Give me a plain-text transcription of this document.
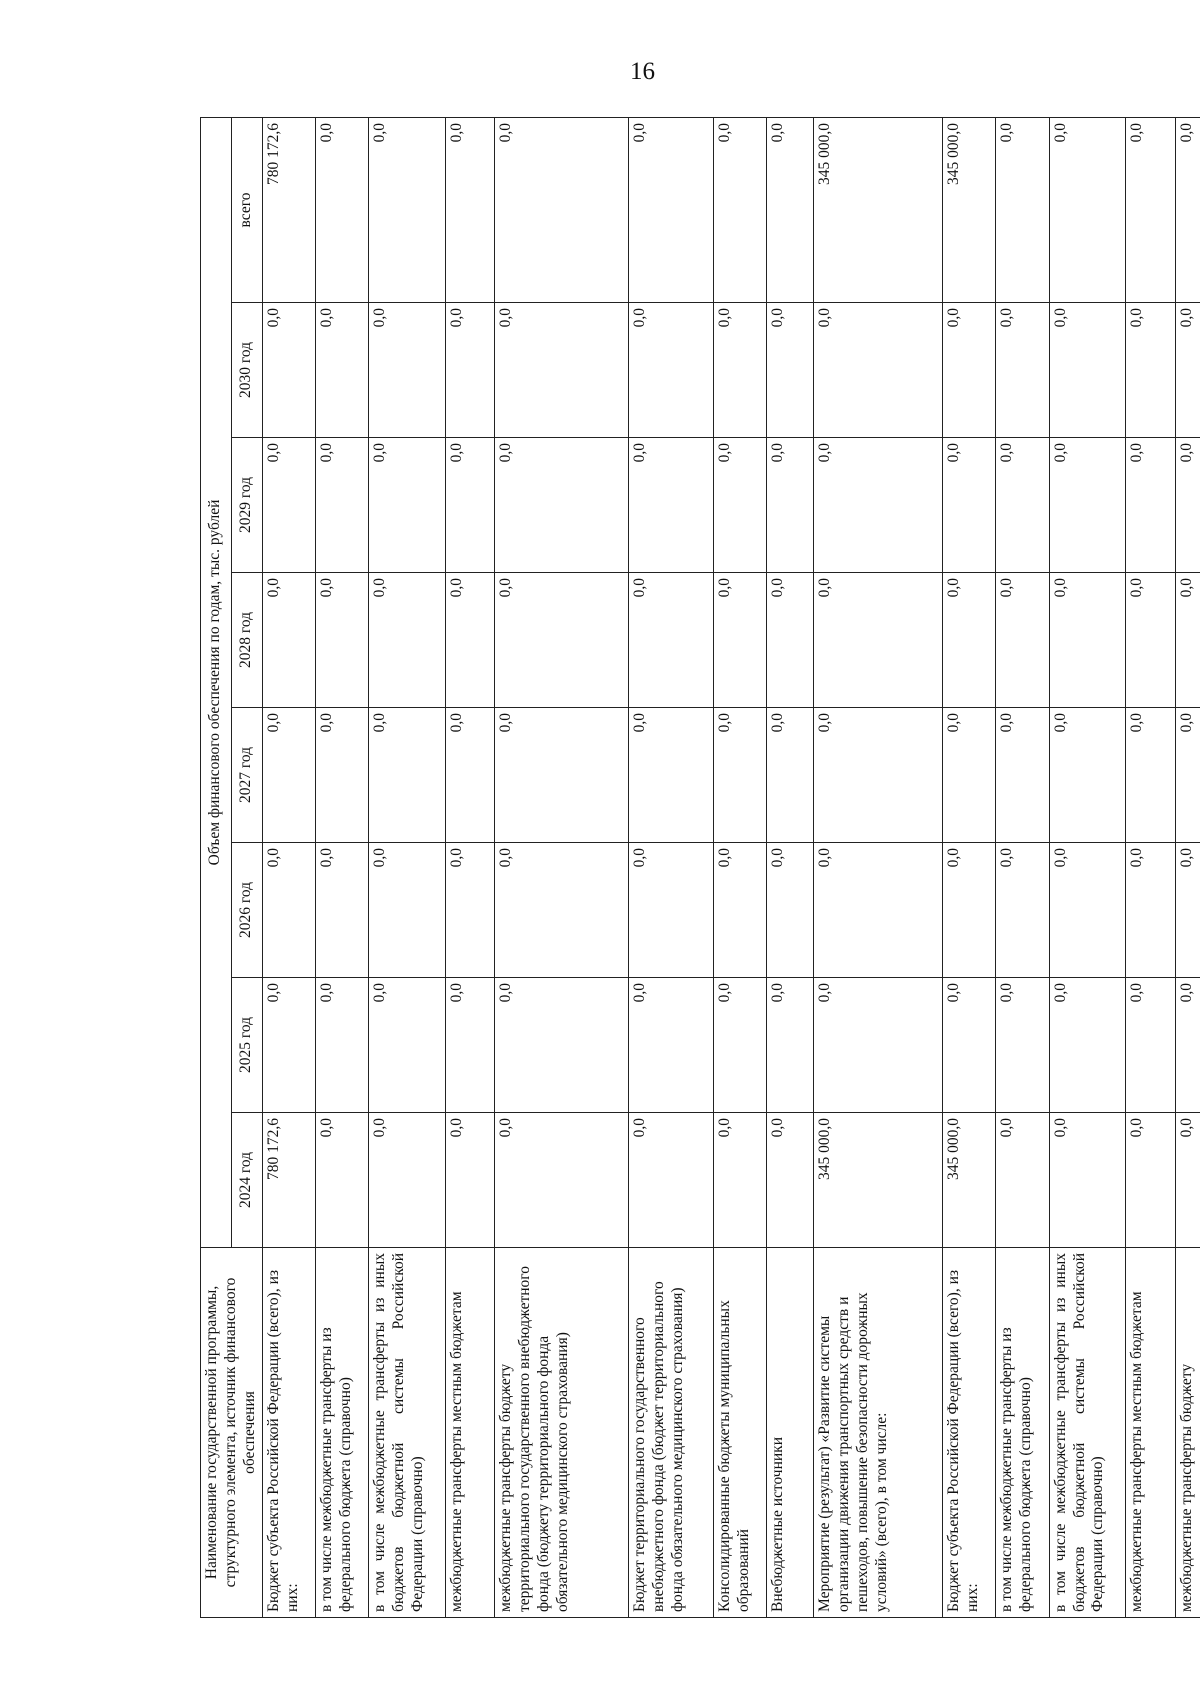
16
Наименование государственной программы, структурного элемента, источник финансового обеспечения	Объем финансового обеспечения по годам, тыс. рублей							
	2024 год	2025 год	2026 год	2027 год	2028 год	2029 год	2030 год	всего
Бюджет субъекта Российской Федерации (всего), из них:	780 172,6	0,0	0,0	0,0	0,0	0,0	0,0	780 172,6
в том числе межбюджетные трансферты из федерального бюджета (справочно)	0,0	0,0	0,0	0,0	0,0	0,0	0,0	0,0
в том числе межбюджетные трансферты из иных бюджетов бюджетной системы Российской Федерации (справочно)	0,0	0,0	0,0	0,0	0,0	0,0	0,0	0,0
межбюджетные трансферты местным бюджетам	0,0	0,0	0,0	0,0	0,0	0,0	0,0	0,0
межбюджетные трансферты бюджету территориального государственного внебюджетного фонда (бюджету территориального фонда обязательного медицинского страхования)	0,0	0,0	0,0	0,0	0,0	0,0	0,0	0,0
Бюджет территориального государственного внебюджетного фонда (бюджет территориального фонда обязательного медицинского страхования)	0,0	0,0	0,0	0,0	0,0	0,0	0,0	0,0
Консолидированные бюджеты муниципальных образований	0,0	0,0	0,0	0,0	0,0	0,0	0,0	0,0
Внебюджетные источники	0,0	0,0	0,0	0,0	0,0	0,0	0,0	0,0
Мероприятие (результат) «Развитие системы организации движения транспортных средств и пешеходов, повышение безопасности дорожных условий» (всего), в том числе:	345 000,0	0,0	0,0	0,0	0,0	0,0	0,0	345 000,0
Бюджет субъекта Российской Федерации (всего), из них:	345 000,0	0,0	0,0	0,0	0,0	0,0	0,0	345 000,0
в том числе межбюджетные трансферты из федерального бюджета (справочно)	0,0	0,0	0,0	0,0	0,0	0,0	0,0	0,0
в том числе межбюджетные трансферты из иных бюджетов бюджетной системы Российской Федерации (справочно)	0,0	0,0	0,0	0,0	0,0	0,0	0,0	0,0
межбюджетные трансферты местным бюджетам	0,0	0,0	0,0	0,0	0,0	0,0	0,0	0,0
межбюджетные трансферты бюджету	0,0	0,0	0,0	0,0	0,0	0,0	0,0	0,0
